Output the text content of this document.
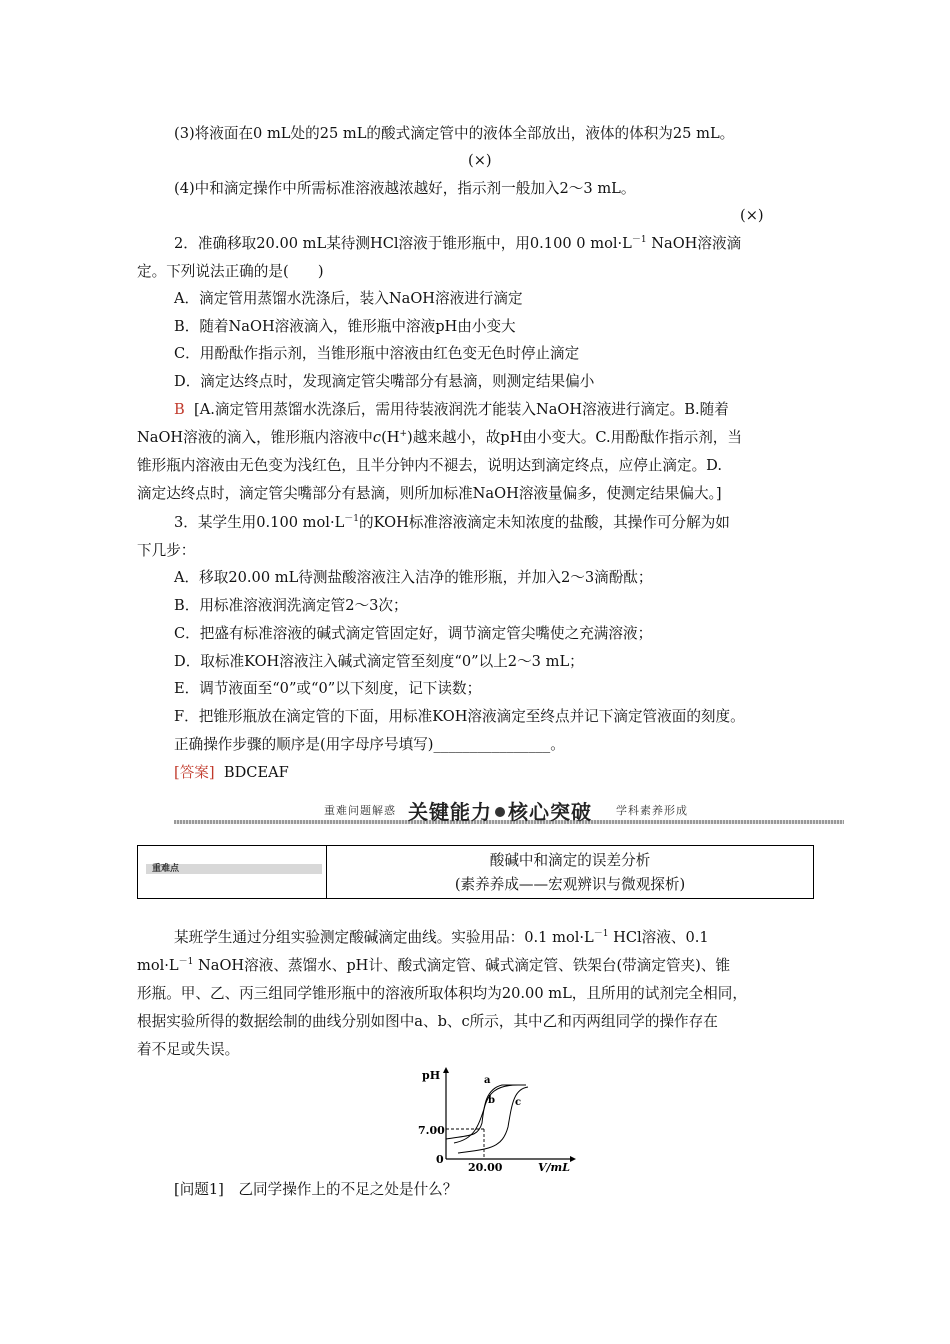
(3)将液面在0 mL处的25 mL的酸式滴定管中的液体全部放出，液体的体积为25 mL。
(×)
(4)中和滴定操作中所需标准溶液越浓越好，指示剂一般加入2～3 mL。
(×)
2．准确移取20.00 mL某待测HCl溶液于锥形瓶中，用0.100 0 $mol\cdot L^{-1}$ NaOH溶液滴
定。下列说法正确的是(　　)
A．滴定管用蒸馏水洗涤后，装入NaOH溶液进行滴定
B．随着NaOH溶液滴入，锥形瓶中溶液pH由小变大
C．用酚酞作指示剂，当锥形瓶中溶液由红色变无色时停止滴定
D．滴定达终点时，发现滴定管尖嘴部分有悬滴，则测定结果偏小
B [A.滴定管用蒸馏水洗涤后，需用待装液润洗才能装入NaOH溶液进行滴定。B.随着
NaOH溶液的滴入，锥形瓶内溶液中c(H+)越来越小，故pH由小变大。C.用酚酞作指示剂，当
锥形瓶内溶液由无色变为浅红色，且半分钟内不褪去，说明达到滴定终点，应停止滴定。D.
滴定达终点时，滴定管尖嘴部分有悬滴，则所加标准NaOH溶液量偏多，使测定结果偏大。]
3．某学生用0.100 $mol\cdot L^{-1}$的KOH标准溶液滴定未知浓度的盐酸，其操作可分解为如
下几步：
A．移取20.00 mL待测盐酸溶液注入洁净的锥形瓶，并加入2～3滴酚酞；
B．用标准溶液润洗滴定管2～3次；
C．把盛有标准溶液的碱式滴定管固定好，调节滴定管尖嘴使之充满溶液；
D．取标准KOH溶液注入碱式滴定管至刻度“0”以上2～3 mL；
E．调节液面至“0”或“0”以下刻度，记下读数；
F．把锥形瓶放在滴定管的下面，用标准KOH溶液滴定至终点并记下滴定管液面的刻度。
正确操作步骤的顺序是(用字母序号填写)________________。
[答案] BDCEAF
重难问题解惑 关键能力 核心突破 学科素养形成
重难点	酸碱中和滴定的误差分析
(素养养成——宏观辨识与微观探析)
某班学生通过分组实验测定酸碱滴定曲线。实验用品：0.1 $mol\cdot L^{-1}$ HCl溶液、0.1
$mol\cdot L^{-1}$ NaOH溶液、蒸馏水、pH计、酸式滴定管、碱式滴定管、铁架台(带滴定管夹)、锥
形瓶。甲、乙、丙三组同学锥形瓶中的溶液所取体积均为20.00 mL，且所用的试剂完全相同，
根据实验所得的数据绘制的曲线分别如图中a、b、c所示，其中乙和丙两组同学的操作存在
着不足或失误。
pH
7.00
0
20.00	V/mL
a
b c
[问题1]　乙同学操作上的不足之处是什么？
